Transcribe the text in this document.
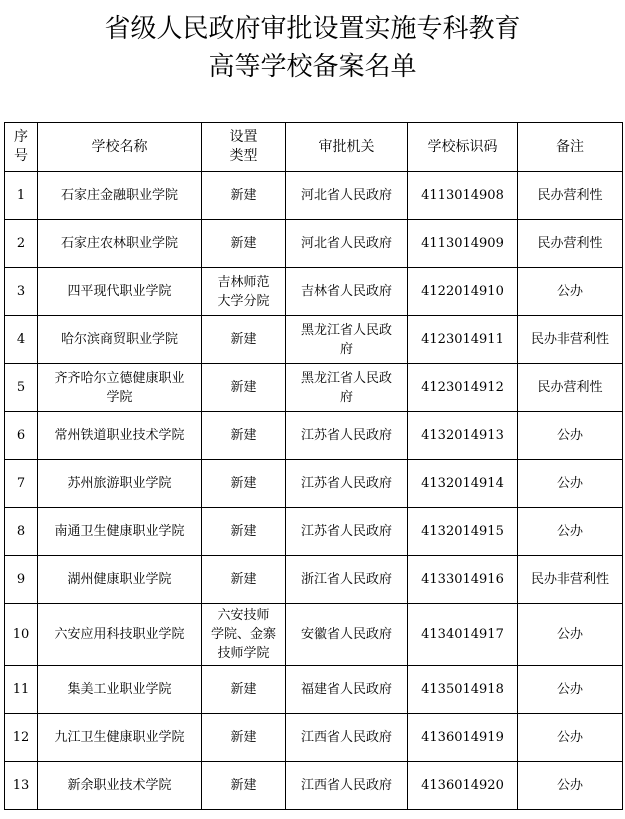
省级人民政府审批设置实施专科教育
高等学校备案名单
序
号	学校名称	设置
类型	审批机关	学校标识码	备注
1	石家庄金融职业学院	新建	河北省人民政府	4113014908	民办营利性
2	石家庄农林职业学院	新建	河北省人民政府	4113014909	民办营利性
3	四平现代职业学院	吉林师范
大学分院	吉林省人民政府	4122014910	公办
4	哈尔滨商贸职业学院	新建	黑龙江省人民政
府	4123014911	民办非营利性
5	齐齐哈尔立德健康职业
学院	新建	黑龙江省人民政
府	4123014912	民办营利性
6	常州铁道职业技术学院	新建	江苏省人民政府	4132014913	公办
7	苏州旅游职业学院	新建	江苏省人民政府	4132014914	公办
8	南通卫生健康职业学院	新建	江苏省人民政府	4132014915	公办
9	湖州健康职业学院	新建	浙江省人民政府	4133014916	民办非营利性
10	六安应用科技职业学院	六安技师
学院、金寨
技师学院	安徽省人民政府	4134014917	公办
11	集美工业职业学院	新建	福建省人民政府	4135014918	公办
12	九江卫生健康职业学院	新建	江西省人民政府	4136014919	公办
13	新余职业技术学院	新建	江西省人民政府	4136014920	公办
